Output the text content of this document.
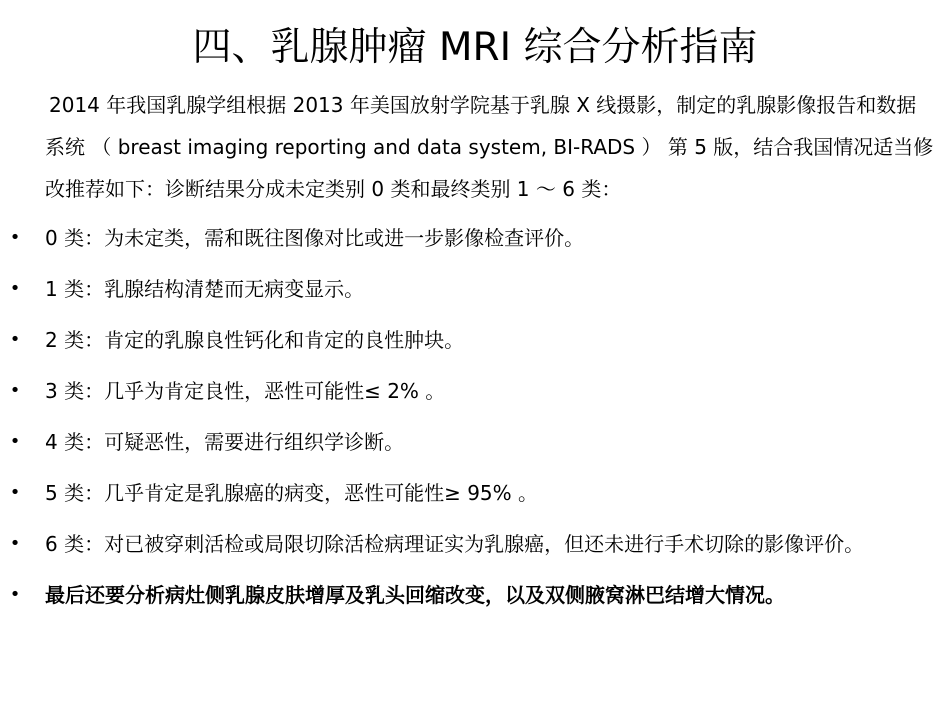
四、乳腺肿瘤 MRI 综合分析指南
2014 年我国乳腺学组根据 2013 年美国放射学院基于乳腺 X 线摄影，制定的乳腺影像报告和数据系统 （ breast imaging reporting and data system, BI-RADS ） 第 5 版，结合我国情况适当修改推荐如下：诊断结果分成未定类别 0 类和最终类别 1 ～ 6 类：
• 0 类：为未定类，需和既往图像对比或进一步影像检查评价。
• 1 类：乳腺结构清楚而无病变显示。
• 2 类：肯定的乳腺良性钙化和肯定的良性肿块。
• 3 类：几乎为肯定良性，恶性可能性≤ 2% 。
• 4 类：可疑恶性，需要进行组织学诊断。
• 5 类：几乎肯定是乳腺癌的病变，恶性可能性≥ 95% 。
• 6 类：对已被穿刺活检或局限切除活检病理证实为乳腺癌，但还未进行手术切除的影像评价。
• 最后还要分析病灶侧乳腺皮肤增厚及乳头回缩改变，以及双侧腋窝淋巴结增大情况。
